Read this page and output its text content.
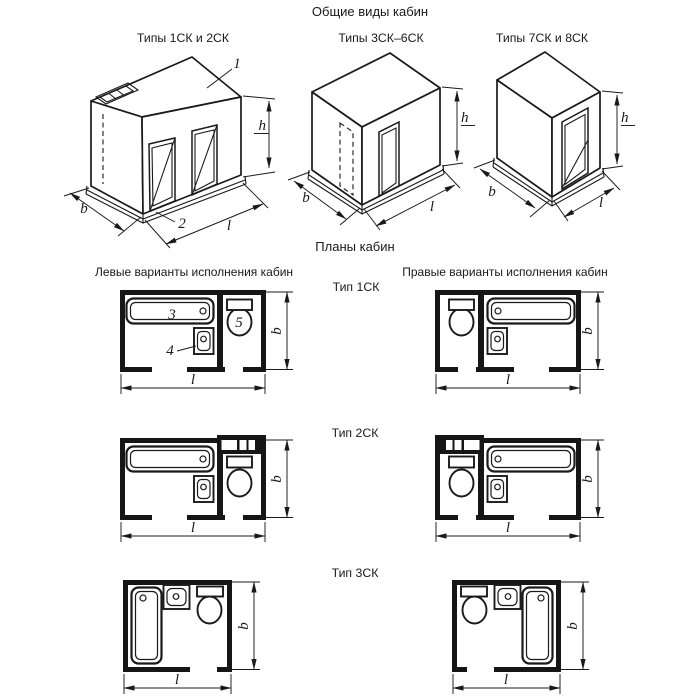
Общие виды кабин
Планы кабин
Левые варианты исполнения кабин	Правые варианты исполнения кабин
Типы 1СК и 2СК
1
2
b
l
h
Типы 3СК–6СК
b
l
h
Типы 7СК и 8СК
b
l
h
Тип 1СК
Тип 2СК
Тип 3СК
3
4
5 b
l
b
l
b
l
b
l
b
l
b
l
